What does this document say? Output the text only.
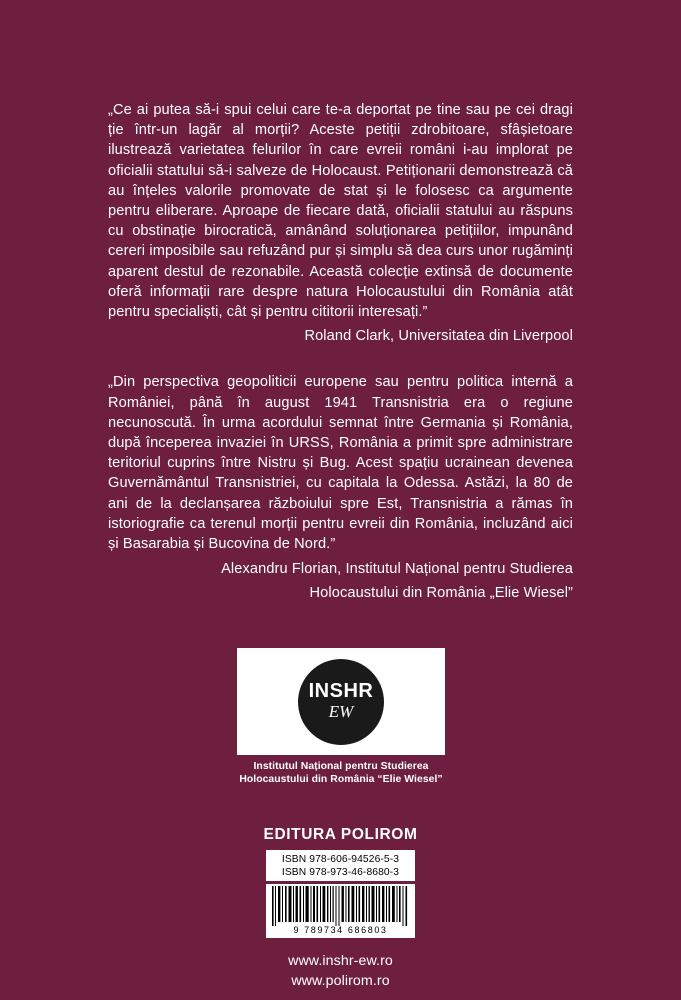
„Ce ai putea să-i spui celui care te-a deportat pe tine sau pe cei dragi ție într-un lagăr al morții? Aceste petiții zdrobitoare, sfâșietoare ilustrează varietatea felurilor în care evreii români i-au implorat pe oficialii statului să-i salveze de Holocaust. Petiționarii demonstrează că au înțeles valorile promovate de stat și le folosesc ca argumente pentru eliberare. Aproape de fiecare dată, oficialii statului au răspuns cu obstinație birocratică, amânând soluționarea petițiilor, impunând cereri imposibile sau refuzând pur și simplu să dea curs unor rugăminți aparent destul de rezonabile. Această colecție extinsă de documente oferă informații rare despre natura Holocaustului din România atât pentru specialiști, cât și pentru cititorii interesați.”
Roland Clark, Universitatea din Liverpool
„Din perspectiva geopoliticii europene sau pentru politica internă a României, până în august 1941 Transnistria era o regiune necunoscută. În urma acordului semnat între Germania și România, după începerea invaziei în URSS, România a primit spre administrare teritoriul cuprins între Nistru și Bug. Acest spațiu ucrainean devenea Guvernământul Transnistriei, cu capitala la Odessa. Astăzi, la 80 de ani de la declanșarea războiului spre Est, Transnistria a rămas în istoriografie ca terenul morții pentru evreii din România, incluzând aici și Basarabia și Bucovina de Nord.”
Alexandru Florian, Institutul Național pentru Studierea
Holocaustului din România „Elie Wiesel”
INSHR
EW
Institutul Național pentru Studierea
Holocaustului din România “Elie Wiesel”
EDITURA POLIROM
ISBN 978-606-94526-5-3
ISBN 978-973-46-8680-3
9 789734 686803
www.inshr-ew.ro
www.polirom.ro
